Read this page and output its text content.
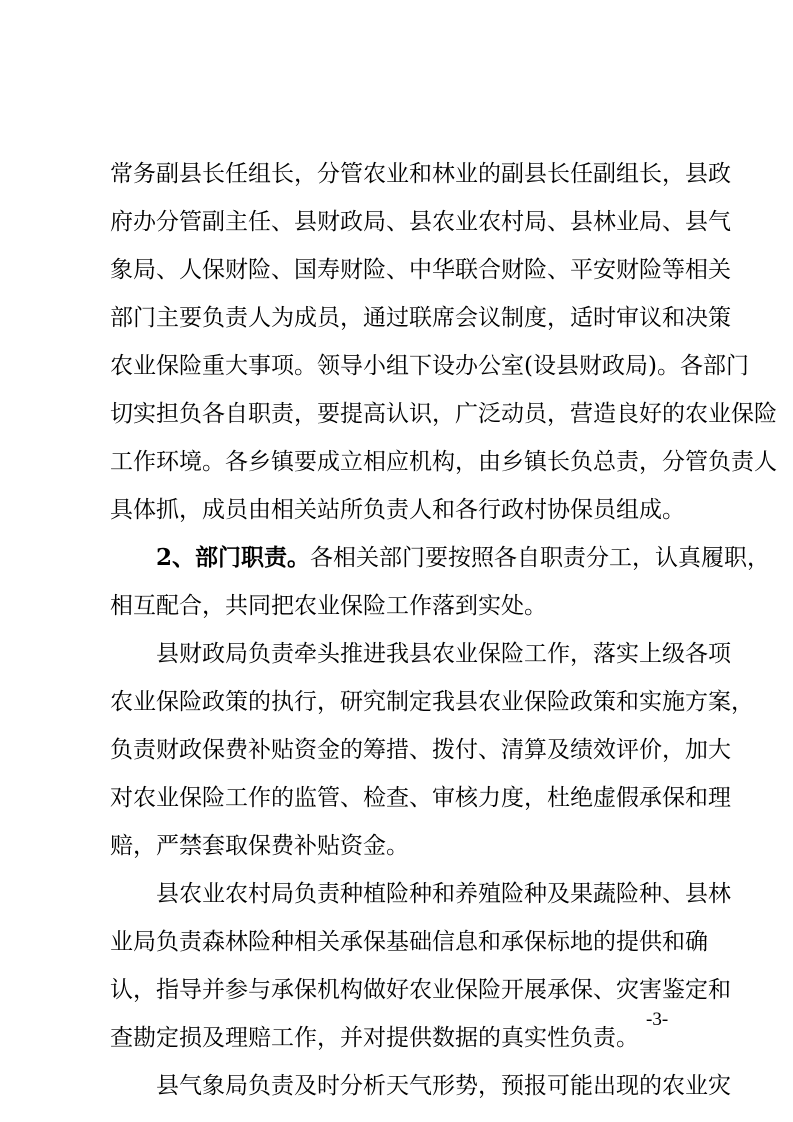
常务副县长任组长，分管农业和林业的副县长任副组长，县政
府办分管副主任、县财政局、县农业农村局、县林业局、县气
象局、人保财险、国寿财险、中华联合财险、平安财险等相关
部门主要负责人为成员，通过联席会议制度，适时审议和决策
农业保险重大事项。领导小组下设办公室(设县财政局)。各部门
切实担负各自职责，要提高认识，广泛动员，营造良好的农业保险
工作环境。各乡镇要成立相应机构，由乡镇长负总责，分管负责人
具体抓，成员由相关站所负责人和各行政村协保员组成。
2、部门职责。各相关部门要按照各自职责分工，认真履职，
相互配合，共同把农业保险工作落到实处。
县财政局负责牵头推进我县农业保险工作，落实上级各项
农业保险政策的执行，研究制定我县农业保险政策和实施方案，
负责财政保费补贴资金的筹措、拨付、清算及绩效评价，加大
对农业保险工作的监管、检查、审核力度，杜绝虚假承保和理
赔，严禁套取保费补贴资金。
县农业农村局负责种植险种和养殖险种及果蔬险种、县林
业局负责森林险种相关承保基础信息和承保标地的提供和确
认，指导并参与承保机构做好农业保险开展承保、灾害鉴定和
查勘定损及理赔工作，并对提供数据的真实性负责。
县气象局负责及时分析天气形势，预报可能出现的农业灾
-3-
